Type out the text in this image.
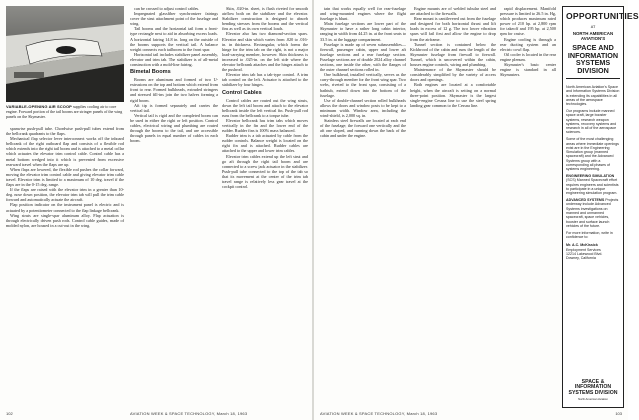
VARIABLE-OPENING AIR SCOOP supplies cooling air to core engine. Forward portion of the tail booms are stringer panels of the wing panels on the Skymaster.

spanwise push-pull tube. Chordwise push-pull tubes extend from the bellcrank quadrants to the flaps.

Mechanical flap selector lever interconnect works off the inboard bellcrank of the right outboard flap and consists of a flexible rod which extends into the right tail boom and is attached to a metal collar which actuates the elevator trim control cable. Control cable has a metal bottom wedged into it which is prevented from excessive rearward travel when the flaps are up.

When flaps are lowered, the flexible rod pushes the collar forward, moving the elevator trim control cable and giving elevator trim cable travel. Elevator trim is limited to a maximum of 10 deg. travel if the flaps are in the 0-15 deg. range.

If the flaps are raised with the elevator trim in a greater than 10-deg. nose down position, the elevator trim tab will pull the trim cable forward and automatically actuate the aircraft.

Flap position indicator on the instrument panel is electric and is actuated by a potentiometer connected to the flap linkage bellcrank.

Wing struts are single-spar aluminum alloy. Flap actuation is through electrically driven push rods. Control cable guides, made of molded nylon, are housed in a cut-out in the wing.

can be crossed to adjust control cables.

Impregnated glassfiber synchronizer fairings cover the strut attachment point of the fuselage and wing.

Tail booms and the horizontal tail form a front-type rectangle next to aid in absorbing excess loads. A horizontal fairing 14.8 in. long on the outside of the booms supports the vertical tail. A balance weight connects each tailboom to the front spar.

Horizontal tail includes stabilizer panel assembly, elevator and trim tab. The stabilizer is of all-metal construction with a mold-line fairing.

Bimetal Booms

Booms are aluminum and formed of two U-extrusions on the top and bottom which extend from front to rear. Formed bulkheads, extruded stringers and stressed fill-ins join the two halves forming a rigid boom.

Aft tip is formed separately and carries the vertical tail.

Vertical tail is rigid and the completed boom can be used in either the right or left position. Control cables, electrical wiring and plumbing are routed through the booms to the tail, and are accessible through panels in equal number of cables in each boom.

Skin, .020-in. sheet, is flush riveted for smooth airflow both on the stabilizer and the elevator. Stabilizer construction is designed to absorb bending stresses from the booms and the vertical fins as well as its own vertical loads.

Elevator also has two diamond-section spars. Elevator and skin which varies from .020 to .016-in. in thickness. Rectangular, which forms the hinge for the trim tab on the right, is not a major load-carrying member, however. Skin thickness is increased to .025-in. on the left side where the elevator bellcrank attaches and the hinges attach to the pushrod.

Elevator trim tab has a tab-type control. A trim tab control on the left. Actuator is attached to the stabilizer by four hinges.

Control Cables

Control cables are routed out the wing struts, down the left tail boom and attach to the elevator bellcrank inside the left vertical fin. Push-pull rod runs from the bellcrank to a torque tube.

Elevator bellcrank has trim tabs which moves vertically in the fin and the lower end of the rudder. Rudder fins is 100% mass balanced.

Rudder trim is a tab actuated by cable from the rudder controls. Balance weight is located on the right fin and is attached. Rudder cables are attached to the upper and lower trim cables.

Elevator trim cables extend up the left strut and go aft through the right tail boom and are connected to a screw jack actuator in the stabilizer. Push-pull tube connected to the top of the tab so that its movement at the center of the trim tab travel range is relatively less gear travel at the cockpit control.

102	AVIATION WEEK & SPACE TECHNOLOGY, March 18, 1963

tain that works equally well for rear-fuselage and wing-mounted engines where the flight fuselage is blunt.

Main fuselage sections are lower part of the Skymaster to have a rather long cabin interior, ranging in width from 44.25 in. at the front seats to 33.5 in. at the luggage compartment.

Fuselage is made up of seven subassemblies—firewall, passenger cabin, upper and lower aft fuselage sections and a rear fuselage section. Fuselage sections are of double 2024 alloy channel sections, one inside the other, with the flanges of the outer channel sections rolled in.

One bulkhead, installed vertically, serves as the carry-through member for the front wing spar. Two webs, riveted to the front spar, consisting of a bathtub, extend down into the bottom of the fuselage.

Use of double-channel section rolled bulkheads allows the doors and window posts to be kept to a minimum width. Window area, including the wind-shield, is 2,000 sq. in.

Stainless steel firewalls are located at each end of the fuselage; the forward one vertically and the aft one sloped, and running down the back of the cabin and under the engine.

Engine mounts are of welded tubular steel and are attached to the firewalls.

Rear mount is cantilevered out from the fuselage and designed for both horizontal thrust and lift loads in excess of 12 g. The two lower vibration spars will fail first and allow the engine to drop from the airframe.

Tunnel section is contained below the Kickbrood of the cabin and runs the length of the Skymaster fuselage from firewall to firewall. Tunnel, which is uncovered within the cabin, houses engine controls, wiring and plumbing.

Maintenance of the Skymaster should be considerably simplified by the variety of access doors and openings.

Both engines are located at a comfortable height, when the aircraft is setting on a normal three-point position. Skymaster is the largest single-engine Cessna line to use the steel spring landing gear common to the Cessna line.

rapid displacement. Manifold pressure is limited to 26.5 in. Hg, which produces maximum rated power of 210 hp. at 2,800 rpm for takeoff and 195 hp. at 2,500 rpm for cruise.

Engine cooling is through a rear ducting system and an electric cowl flap.

Oil cooler is located in the rear engine plenum.

Skymaster's basic center engine is standard in all Skymasters.

OPPORTUNITIES
AT
NORTH AMERICAN AVIATION'S
SPACE AND INFORMATION SYSTEMS DIVISION

North American Aviation's Space and Information Systems Division is extending its capabilities in all areas of the aerospace technologies.

Our programs include manned space craft, large booster systems, research weapon systems, recovery systems and research in all of the aerospace sciences.

Some of the most challenging areas where immediate openings exist are in the Engineering Simulation group (manned spacecraft) and the Advanced Systems group with a corresponding all phases of systems engineering.

ENGINEERING SIMULATION (SCS) Manned Spacecraft effort requires engineers and scientists to participate in a unique engineering simulation program.

ADVANCED SYSTEMS Projects underway include Advanced Systems investigations on manned and unmanned spacecraft, space vehicles, booster and surface launch vehicles of the future.

For more information, write in confidence to:

Mr. A.C. McKissick
Employment Services
12214 Lakewood Blvd.
Downey, California
SPACE & INFORMATION SYSTEMS DIVISION
North American Aviation
AVIATION WEEK & SPACE TECHNOLOGY, March 18, 1963	103
